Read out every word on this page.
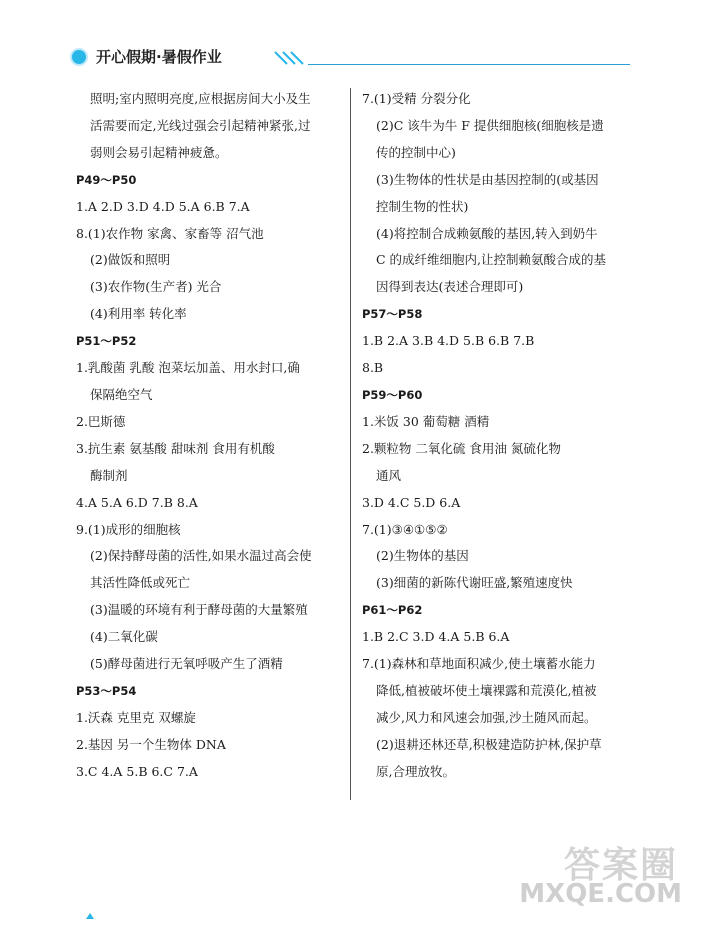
开心假期·暑假作业
照明;室内照明亮度,应根据房间大小及生
活需要而定,光线过强会引起精神紧张,过
弱则会易引起精神疲惫。
P49～P50
1.A 2.D 3.D 4.D 5.A 6.B 7.A
8.(1)农作物 家禽、家畜等 沼气池
(2)做饭和照明
(3)农作物(生产者) 光合
(4)利用率 转化率
P51～P52
1.乳酸菌 乳酸 泡菜坛加盖、用水封口,确
保隔绝空气
2.巴斯德
3.抗生素 氨基酸 甜味剂 食用有机酸
酶制剂
4.A 5.A 6.D 7.B 8.A
9.(1)成形的细胞核
(2)保持酵母菌的活性,如果水温过高会使
其活性降低或死亡
(3)温暖的环境有利于酵母菌的大量繁殖
(4)二氧化碳
(5)酵母菌进行无氧呼吸产生了酒精
P53～P54
1.沃森 克里克 双螺旋
2.基因 另一个生物体 DNA
3.C 4.A 5.B 6.C 7.A
7.(1)受精 分裂分化
(2)C 该牛为牛 F 提供细胞核(细胞核是遗
传的控制中心)
(3)生物体的性状是由基因控制的(或基因
控制生物的性状)
(4)将控制合成赖氨酸的基因,转入到奶牛
C 的成纤维细胞内,让控制赖氨酸合成的基
因得到表达(表述合理即可)
P57～P58
1.B 2.A 3.B 4.D 5.B 6.B 7.B
8.B
P59～P60
1.米饭 30 葡萄糖 酒精
2.颗粒物 二氧化硫 食用油 氮硫化物
通风
3.D 4.C 5.D 6.A
7.(1)③④①⑤②
(2)生物体的基因
(3)细菌的新陈代谢旺盛,繁殖速度快
P61～P62
1.B 2.C 3.D 4.A 5.B 6.A
7.(1)森林和草地面积减少,使土壤蓄水能力
降低,植被破坏使土壤裸露和荒漠化,植被
减少,风力和风速会加强,沙土随风而起。
(2)退耕还林还草,积极建造防护林,保护草
原,合理放牧。
答案圈
MXQE.COM
